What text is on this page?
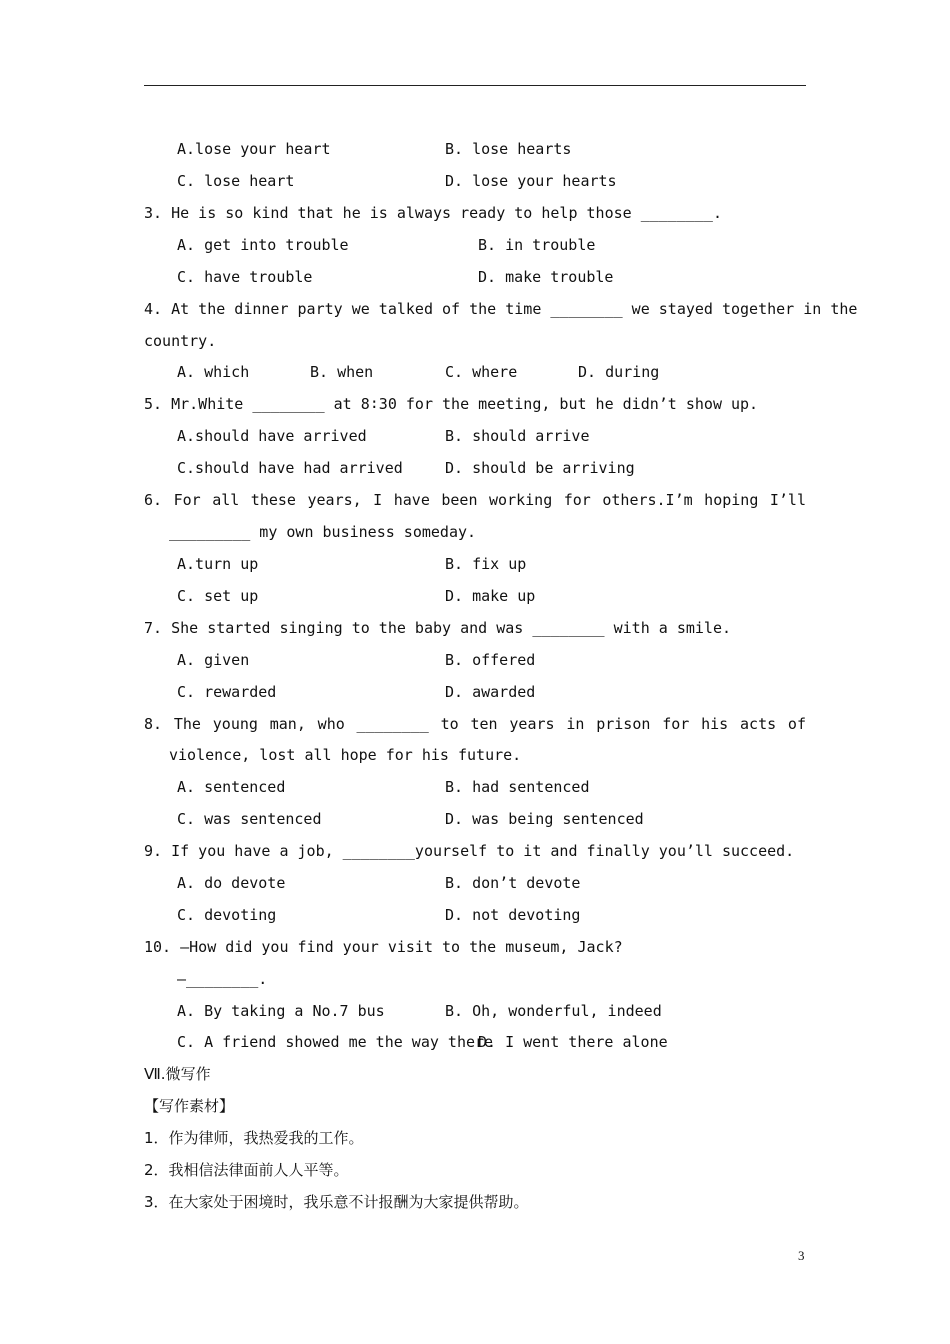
A.lose your heart	B. lose hearts
C. lose heart	D. lose your hearts
3. He is so kind that he is always ready to help those ________.
A. get into trouble	B. in trouble
C. have trouble	D. make trouble
4. At the dinner party we talked of the time ________ we stayed together in the
country.
A. which	B. when	C. where	D. during
5. Mr.White ________ at 8∶30 for the meeting, but he didn’t show up.
A.should have arrived	B. should arrive
C.should have had arrived	D. should be arriving
6. For all these years, I have been working for others.I’m hoping I’ll
_________ my own business someday.
A.turn up	B. fix up
C. set up	D. make up
7. She started singing to the baby and was ________ with a smile.
A. given	B. offered
C. rewarded	D. awarded
8. The young man, who ________ to ten years in prison for his acts of
violence, lost all hope for his future.
A. sentenced	B. had sentenced
C. was sentenced	D. was being sentenced
9. If you have a job, ________yourself to it and finally you’ll succeed.
A. do devote	B. don’t devote
C. devoting	D. not devoting
10. —How did you find your visit to the museum, Jack?
—________.
A. By taking a No.7 bus	B. Oh, wonderful, indeed
C. A friend showed me the way there
D. I went there alone
Ⅶ.微写作
【写作素材】
1．作为律师，我热爱我的工作。
2．我相信法律面前人人平等。
3．在大家处于困境时，我乐意不计报酬为大家提供帮助。
3
